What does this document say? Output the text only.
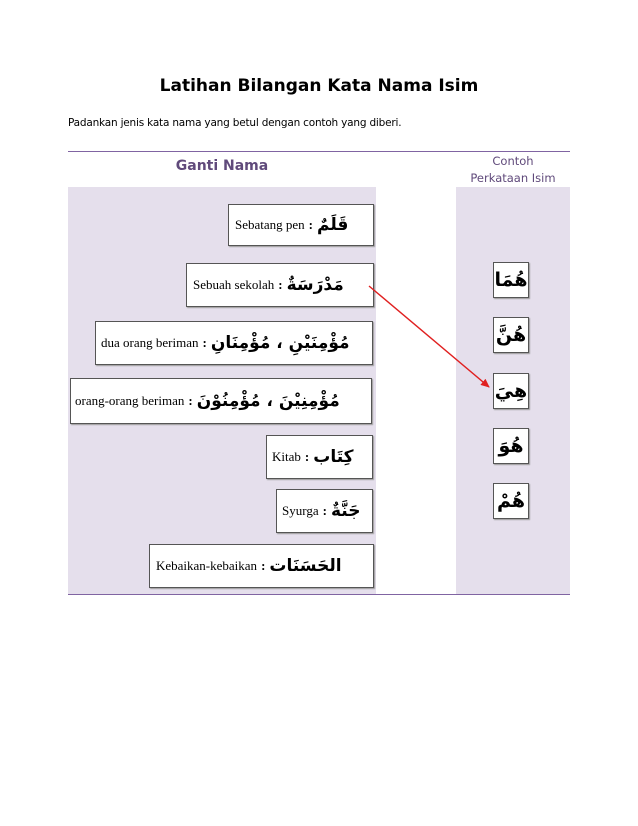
Latihan Bilangan Kata Nama Isim
Padankan jenis kata nama yang betul dengan contoh yang diberi.
Ganti Nama	Contoh
Perkataan Isim
Sebatang pen : قَلَمٌ
Sebuah sekolah : مَدْرَسَةٌ
dua orang beriman : مُؤْمِنَيْنِ ، مُؤْمِنَانِ
orang-orang beriman : مُؤْمِنِيْنَ ، مُؤْمِنُوْنَ
Kitab : كِتَاب
Syurga : جَنَّةٌ
Kebaikan-kebaikan : الحَسَنَات
هُمَا
هُنَّ
هِيَ
هُوَ
هُمْ
